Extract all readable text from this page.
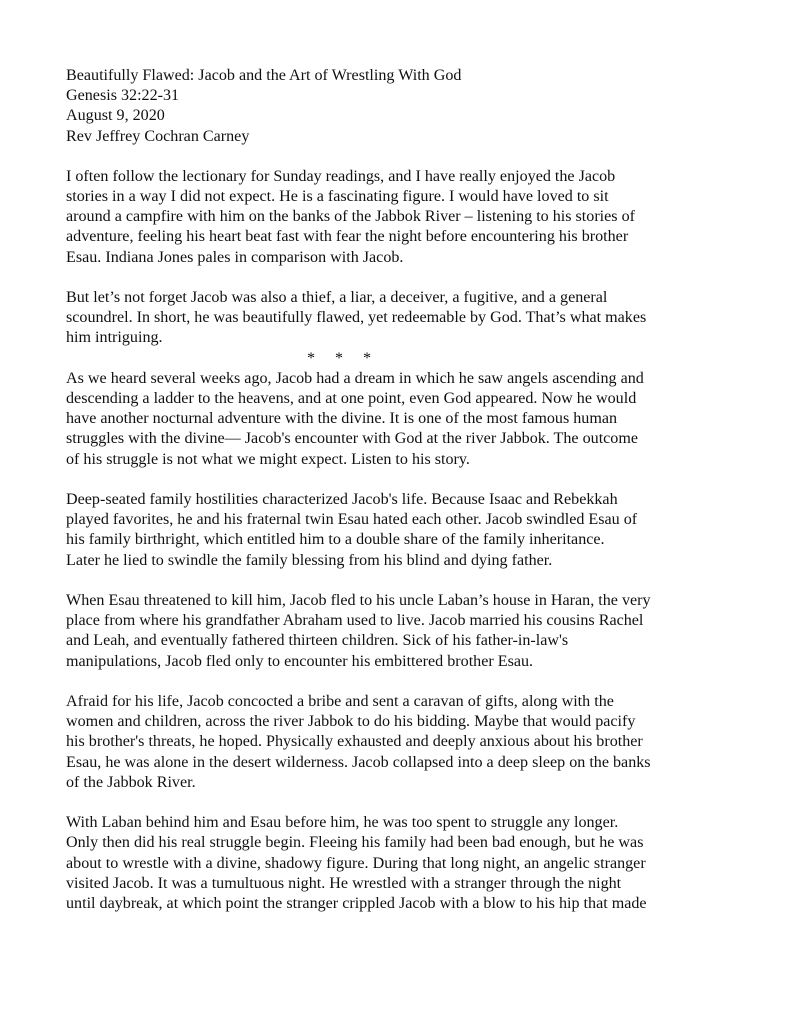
Beautifully Flawed: Jacob and the Art of Wrestling With God
Genesis 32:22-31
August 9, 2020
Rev Jeffrey Cochran Carney

I often follow the lectionary for Sunday readings, and I have really enjoyed the Jacob
stories in a way I did not expect. He is a fascinating figure. I would have loved to sit
around a campfire with him on the banks of the Jabbok River – listening to his stories of
adventure, feeling his heart beat fast with fear the night before encountering his brother
Esau. Indiana Jones pales in comparison with Jacob.

But let’s not forget Jacob was also a thief, a liar, a deceiver, a fugitive, and a general
scoundrel. In short, he was beautifully flawed, yet redeemable by God. That’s what makes
him intriguing.

* * *

As we heard several weeks ago, Jacob had a dream in which he saw angels ascending and
descending a ladder to the heavens, and at one point, even God appeared. Now he would
have another nocturnal adventure with the divine. It is one of the most famous human
struggles with the divine— Jacob's encounter with God at the river Jabbok. The outcome
of his struggle is not what we might expect. Listen to his story.

Deep-seated family hostilities characterized Jacob's life. Because Isaac and Rebekkah
played favorites, he and his fraternal twin Esau hated each other. Jacob swindled Esau of
his family birthright, which entitled him to a double share of the family inheritance.
Later he lied to swindle the family blessing from his blind and dying father.

When Esau threatened to kill him, Jacob fled to his uncle Laban’s house in Haran, the very
place from where his grandfather Abraham used to live. Jacob married his cousins Rachel
and Leah, and eventually fathered thirteen children. Sick of his father-in-law's
manipulations, Jacob fled only to encounter his embittered brother Esau.

Afraid for his life, Jacob concocted a bribe and sent a caravan of gifts, along with the
women and children, across the river Jabbok to do his bidding. Maybe that would pacify
his brother's threats, he hoped. Physically exhausted and deeply anxious about his brother
Esau, he was alone in the desert wilderness. Jacob collapsed into a deep sleep on the banks
of the Jabbok River.

With Laban behind him and Esau before him, he was too spent to struggle any longer.
Only then did his real struggle begin. Fleeing his family had been bad enough, but he was
about to wrestle with a divine, shadowy figure. During that long night, an angelic stranger
visited Jacob. It was a tumultuous night. He wrestled with a stranger through the night
until daybreak, at which point the stranger crippled Jacob with a blow to his hip that made
